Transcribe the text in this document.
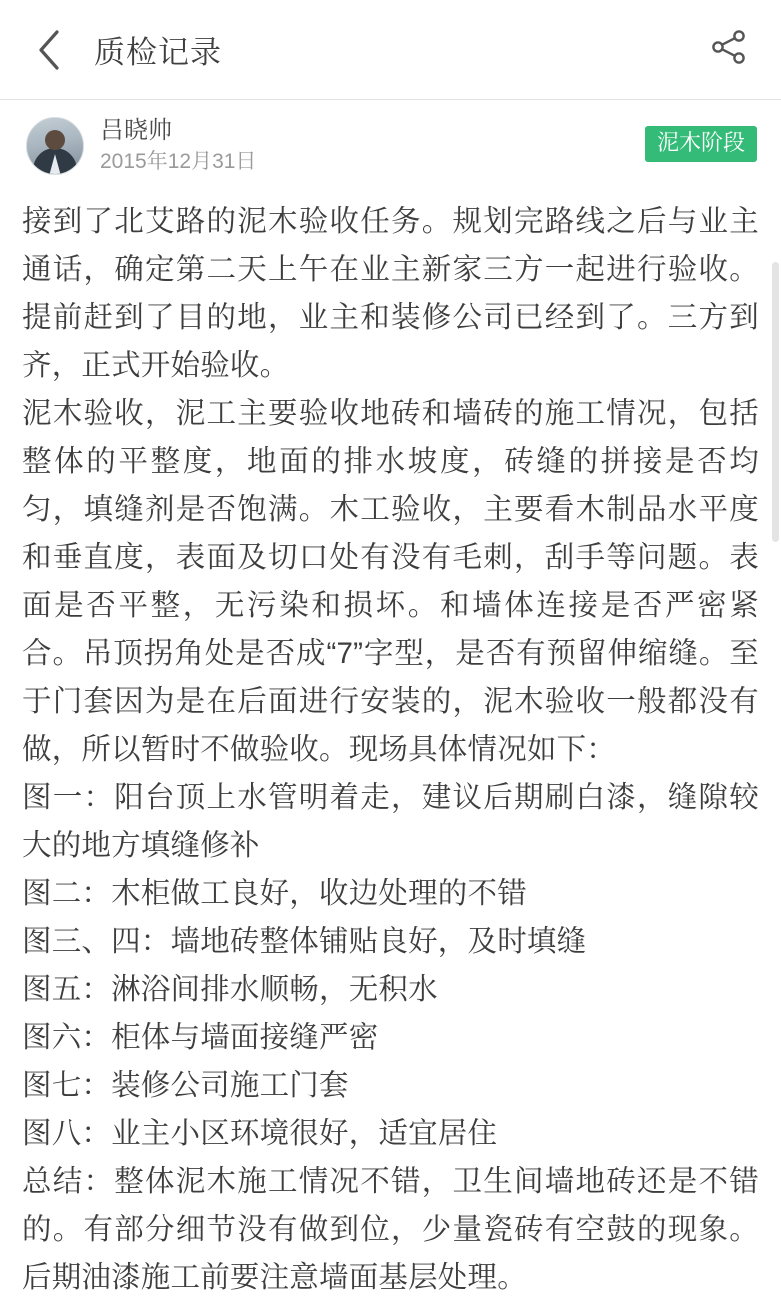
质检记录
吕晓帅
2015年12月31日
泥木阶段

接到了北艾路的泥木验收任务。规划完路线之后与业主通话，确定第二天上午在业主新家三方一起进行验收。提前赶到了目的地，业主和装修公司已经到了。三方到齐，正式开始验收。

泥木验收，泥工主要验收地砖和墙砖的施工情况，包括整体的平整度，地面的排水坡度，砖缝的拼接是否均匀，填缝剂是否饱满。木工验收，主要看木制品水平度和垂直度，表面及切口处有没有毛刺，刮手等问题。表面是否平整，无污染和损坏。和墙体连接是否严密紧合。吊顶拐角处是否成“7”字型，是否有预留伸缩缝。至于门套因为是在后面进行安装的，泥木验收一般都没有做，所以暂时不做验收。现场具体情况如下：

图一：阳台顶上水管明着走，建议后期刷白漆，缝隙较大的地方填缝修补

图二：木柜做工良好，收边处理的不错

图三、四：墙地砖整体铺贴良好，及时填缝

图五：淋浴间排水顺畅，无积水

图六：柜体与墙面接缝严密

图七：装修公司施工门套

图八：业主小区环境很好，适宜居住

总结：整体泥木施工情况不错，卫生间墙地砖还是不错的。有部分细节没有做到位，少量瓷砖有空鼓的现象。后期油漆施工前要注意墙面基层处理。
